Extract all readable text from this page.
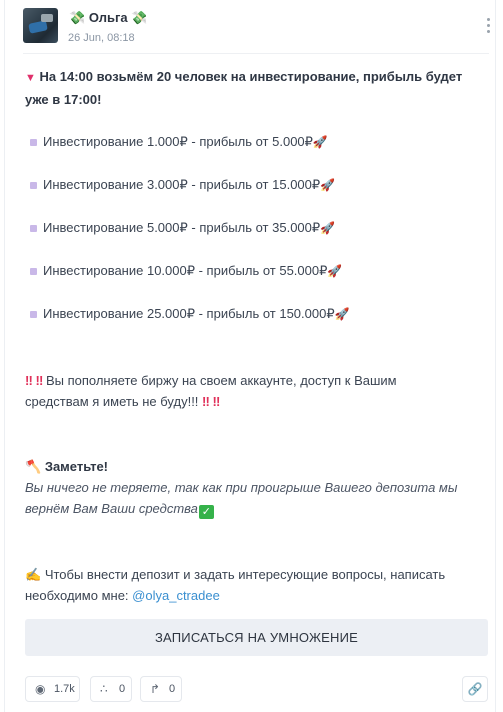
💸 Ольга 💸
26 Jun, 08:18
▼ На 14:00 возьмём 20 человек на инвестирование, прибыль будет уже в 17:00!
Инвестирование 1.000₽ - прибыль от 5.000₽🚀
Инвестирование 3.000₽ - прибыль от 15.000₽🚀
Инвестирование 5.000₽ - прибыль от 35.000₽🚀
Инвестирование 10.000₽ - прибыль от 55.000₽🚀
Инвестирование 25.000₽ - прибыль от 150.000₽🚀
‼ ‼ Вы пополняете биржу на своем аккаунте, доступ к Вашим
средствам я иметь не буду!!! ‼ ‼
🪓 Заметьте!
Вы ничего не теряете, так как при проигрыше Вашего депозита мы
вернём Вам Ваши средства ✓
✍ Чтобы внести депозит и задать интересующие вопросы, написать
необходимо мне: @olya_ctradee
ЗАПИСАТЬСЯ НА УМНОЖЕНИЕ
◉ 1.7k	∴ 0	↱ 0	🔗
